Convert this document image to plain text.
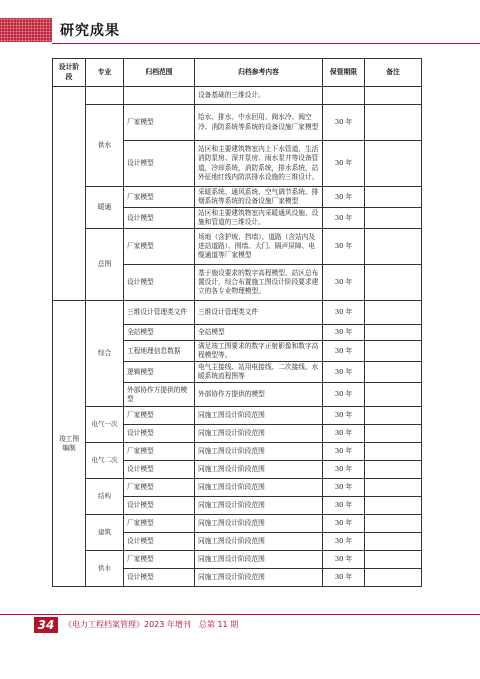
研究成果
设计阶段	专业	归档范围	归档参考内容	保管期限	备注
			设备基础的三维设计。		
	供水	厂家模型	给水、排水、中水回用、阀水冷、阀空冷、消防系统等系统的设备设施厂家模型	30 年	
		设计模型	站区和主要建筑物室内上下水管道，生活消防泵房、深井泵房、雨水泵井等设备管道，冷却系统，消防系统，排水系统，站外征地红线内防洪排水设施的三维设计。	30 年	
	暖通	厂家模型	采暖系统、通风系统、空气调节系统、排烟系统等系统的设备设施厂家模型	30 年	
		设计模型	站区和主要建筑物室内采暖通风设施、设施和管道的三维设计。	30 年	
	总图	厂家模型	场地（含护坡、挡墙）、道路（含站内及进站道路）、围墙、大门、隔声屏障、电缆通道等厂家模型	30 年	
		设计模型	基于施设要求的数字高程模型、站区总布置设计，综合布置施工图设计阶段要求建立的各专业物理模型。	30 年	
竣工图编制	综合	三维设计管理类文件	三维设计管理类文件	30 年	
		全站模型	全站模型	30 年	
		工程地理信息数据	满足竣工图要求的数字正射影像和数字高程模型等。	30 年	
		逻辑模型	电气主接线、站用电接线、二次接线、水暖系统流程图等	30 年	
		外部协作方提供的模型	外部协作方提供的模型	30 年	
	电气一次	厂家模型	同施工图设计阶段范围	30 年	
		设计模型	同施工图设计阶段范围	30 年	
	电气二次	厂家模型	同施工图设计阶段范围	30 年	
		设计模型	同施工图设计阶段范围	30 年	
	结构	厂家模型	同施工图设计阶段范围	30 年	
		设计模型	同施工图设计阶段范围	30 年	
	建筑	厂家模型	同施工图设计阶段范围	30 年	
		设计模型	同施工图设计阶段范围	30 年	
	供水	厂家模型	同施工图设计阶段范围	30 年	
		设计模型	同施工图设计阶段范围	30 年	
34	《电力工程档案管理》2023 年增刊　总第 11 期
